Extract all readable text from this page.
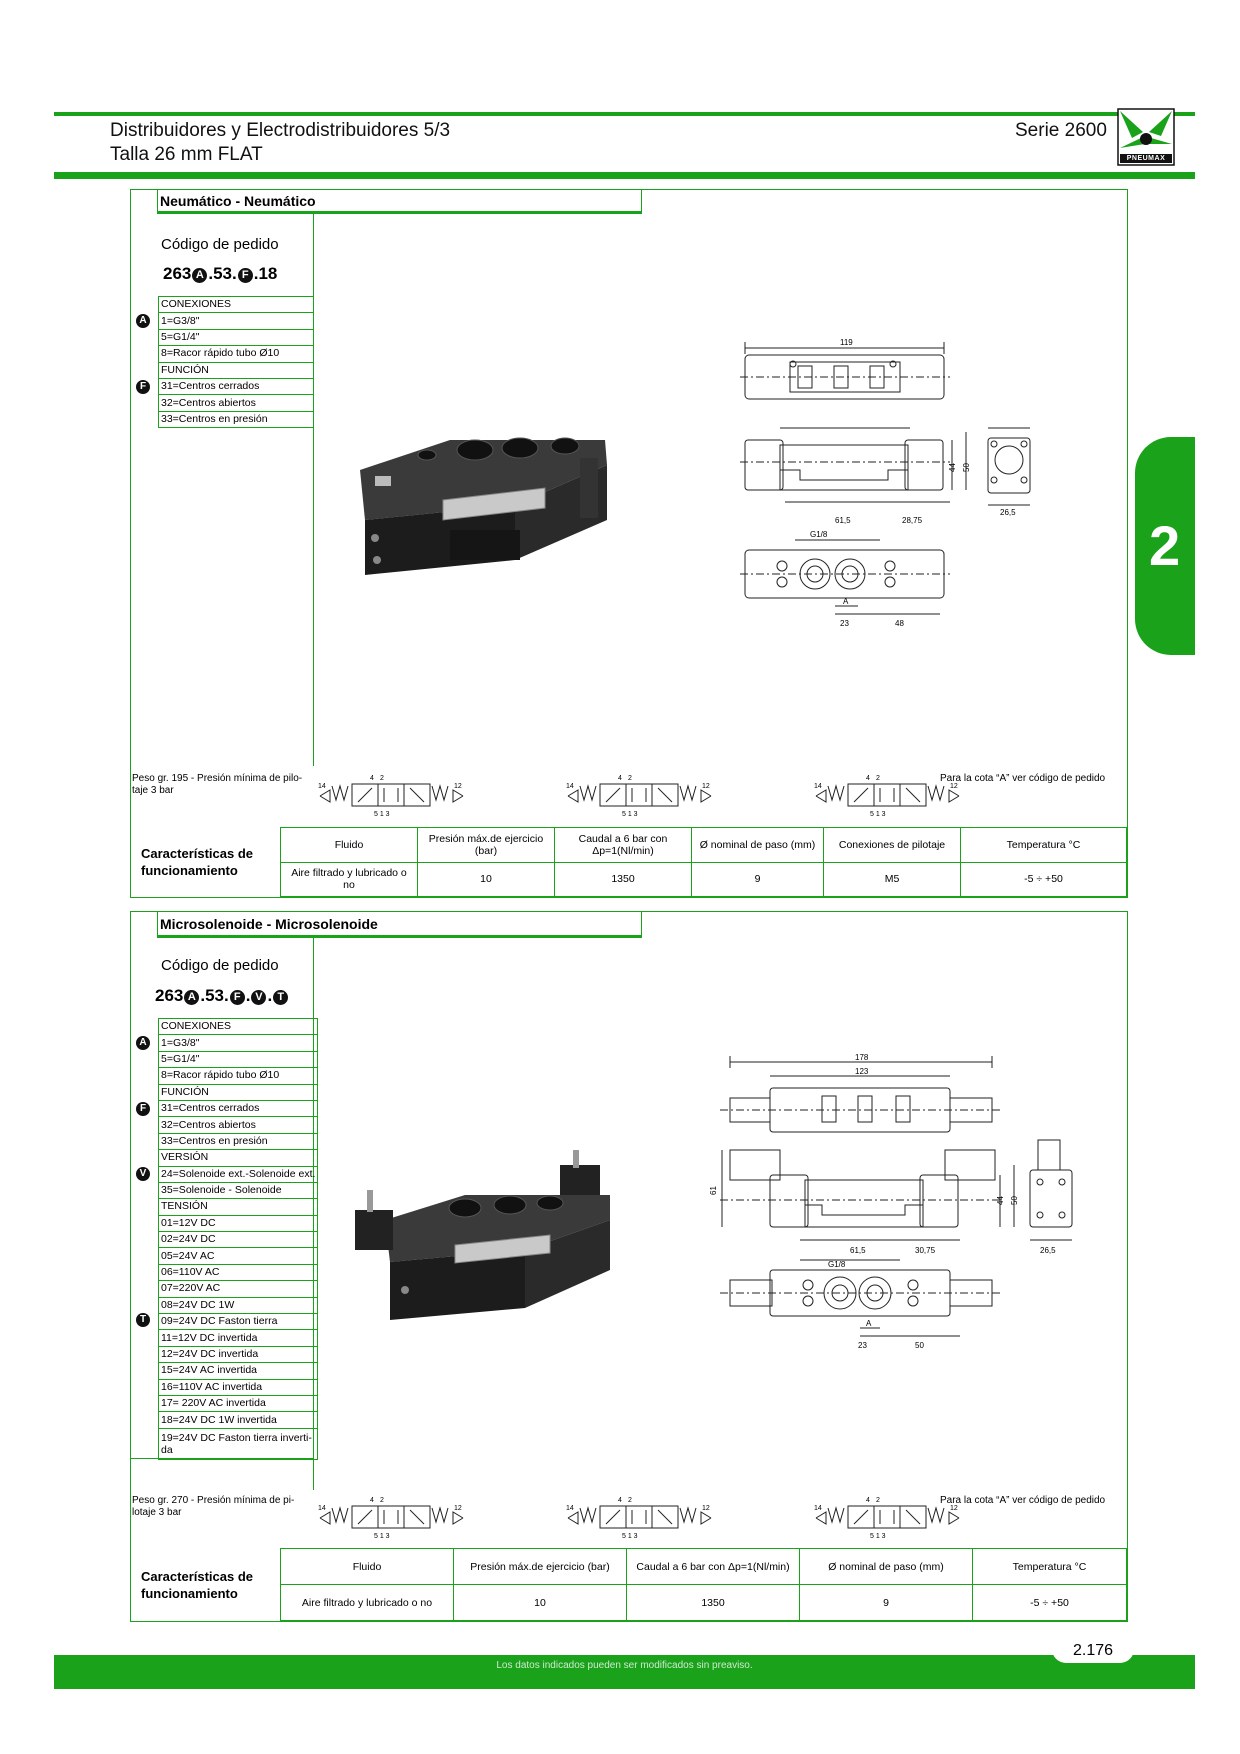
Distribuidores y Electrodistribuidores 5/3
Talla 26 mm FLAT
Serie 2600
PNEUMAX
2
Neumático - Neumático
Código de pedido
263 A .53. F .18
CONEXIONES
1=G3/8"
5=G1/4"
8=Racor rápido tubo Ø10
FUNCIÓN
31=Centros cerrados
32=Centros abiertos
33=Centros en presión
A
F
119
61,5	28,75
G1/8
23	48
A
44 50
26,5
Peso gr. 195 - Presión mínima de pilo-
taje 3 bar
Para la cota “A” ver código de pedido
14	12
4 2
5 1 3
14	12
4 2
5 1 3
14	12
4 2
5 1 3
Características de funcionamiento	Fluido	Presión máx.de ejercicio (bar)	Caudal a 6 bar con Δp=1(Nl/min)	Ø nominal de paso (mm)	Conexiones de pilotaje	Temperatura °C
	Aire filtrado y lubricado o no	10	1350	9	M5	-5 ÷ +50
Microsolenoide - Microsolenoide
Código de pedido
263 A .53. F . V . T
CONEXIONES
1=G3/8"
5=G1/4"
8=Racor rápido tubo Ø10
FUNCIÓN
31=Centros cerrados
32=Centros abiertos
33=Centros en presión
VERSIÓN
24=Solenoide ext.-Solenoide ext.
35=Solenoide - Solenoide
TENSIÓN
01=12V DC
02=24V DC
05=24V AC
06=110V AC
07=220V AC
08=24V DC 1W
09=24V DC Faston tierra
11=12V DC invertida
12=24V DC invertida
15=24V AC invertida
16=110V AC invertida
17= 220V AC invertida
18=24V DC 1W invertida
19=24V DC Faston tierra inverti-
da
A
F
V
T
178
123
61
44 50
61,5	30,75
G1/8
A
23	50
26,5
Peso gr. 270 - Presión mínima de pi-
lotaje 3 bar
Para la cota “A” ver código de pedido
14	12
4 2
5 1 3
14	12
4 2
5 1 3
14	12
4 2
5 1 3
Características de funcionamiento	Fluido	Presión máx.de ejercicio (bar)	Caudal a 6 bar con Δp=1(Nl/min)	Ø nominal de paso (mm)	Temperatura °C
	Aire filtrado y lubricado o no	10	1350	9	-5 ÷ +50
Los datos indicados pueden ser modificados sin preaviso.
2.176
